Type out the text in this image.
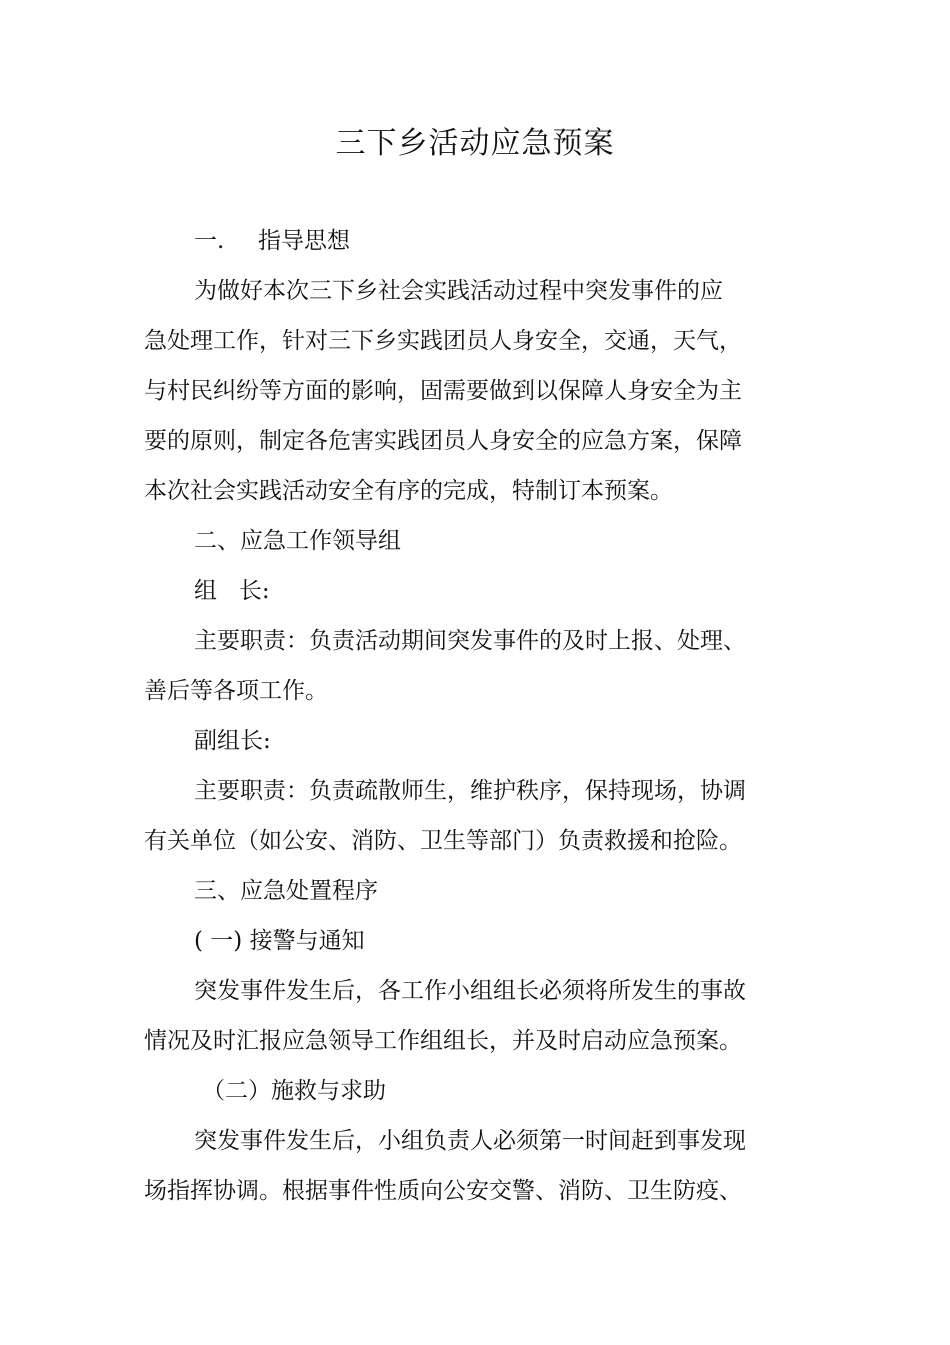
三下乡活动应急预案
一. 指导思想
为做好本次三下乡社会实践活动过程中突发事件的应
急处理工作，针对三下乡实践团员人身安全，交通，天气，
与村民纠纷等方面的影响，固需要做到以保障人身安全为主
要的原则，制定各危害实践团员人身安全的应急方案，保障
本次社会实践活动安全有序的完成，特制订本预案。
二、应急工作领导组
组   长:
主要职责：负责活动期间突发事件的及时上报、处理、
善后等各项工作。
副组长:
主要职责：负责疏散师生，维护秩序，保持现场，协调
有关单位（如公安、消防、卫生等部门）负责救援和抢险。
三、应急处置程序
( 一) 接警与通知
突发事件发生后，各工作小组组长必须将所发生的事故
情况及时汇报应急领导工作组组长，并及时启动应急预案。
（二）施救与求助
突发事件发生后，小组负责人必须第一时间赶到事发现
场指挥协调。根据事件性质向公安交警、消防、卫生防疫、
